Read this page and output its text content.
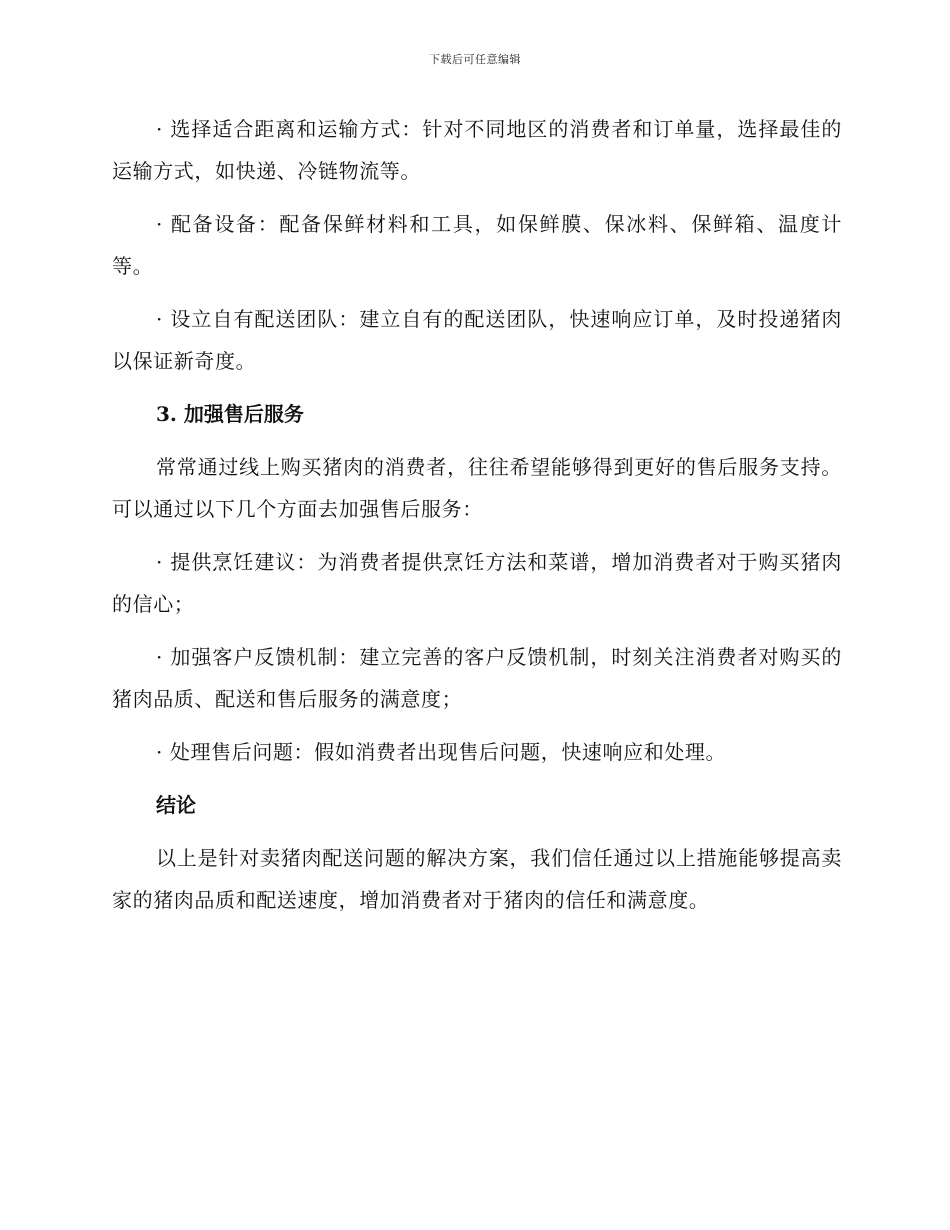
下载后可任意编辑

· 选择适合距离和运输方式：针对不同地区的消费者和订单量，选择最佳的运输方式，如快递、冷链物流等。

· 配备设备：配备保鲜材料和工具，如保鲜膜、保冰料、保鲜箱、温度计等。

· 设立自有配送团队：建立自有的配送团队，快速响应订单，及时投递猪肉以保证新奇度。

3. 加强售后服务

常常通过线上购买猪肉的消费者，往往希望能够得到更好的售后服务支持。可以通过以下几个方面去加强售后服务：

· 提供烹饪建议：为消费者提供烹饪方法和菜谱，增加消费者对于购买猪肉的信心；

· 加强客户反馈机制：建立完善的客户反馈机制，时刻关注消费者对购买的猪肉品质、配送和售后服务的满意度；

· 处理售后问题：假如消费者出现售后问题，快速响应和处理。

结论

以上是针对卖猪肉配送问题的解决方案，我们信任通过以上措施能够提高卖家的猪肉品质和配送速度，增加消费者对于猪肉的信任和满意度。
